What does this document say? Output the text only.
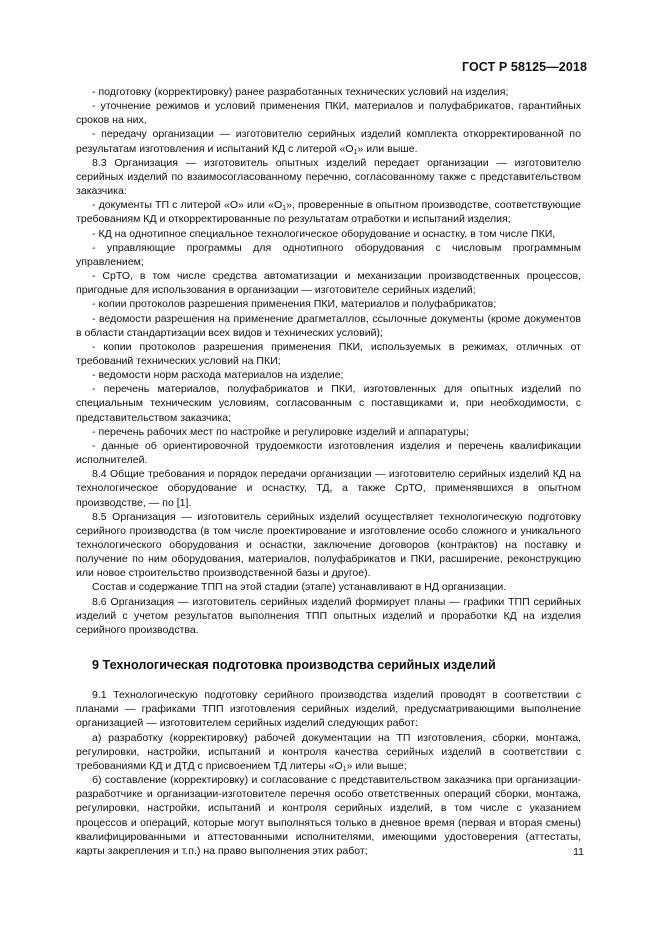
ГОСТ Р 58125—2018

- подготовку (корректировку) ранее разработанных технических условий на изделия;

- уточнение режимов и условий применения ПКИ, материалов и полуфабрикатов, гарантийных сроков на них,

- передачу организации — изготовителю серийных изделий комплекта откорректированной по результатам изготовления и испытаний КД с литерой «$О_1$» или выше.

8.3 Организация — изготовитель опытных изделий передает организации — изготовителю серийных изделий по взаимосогласованному перечню, согласованному также с представительством заказчика:

- документы ТП с литерой «О» или «$О_1$», проверенные в опытном производстве, соответствующие требованиям КД и откорректированные по результатам отработки и испытаний изделия;

- КД на однотипное специальное технологическое оборудование и оснастку, в том числе ПКИ,

- управляющие программы для однотипного оборудования с числовым программным управлением;

- СрТО, в том числе средства автоматизации и механизации производственных процессов, пригодные для использования в организации — изготовителе серийных изделий;

- копии протоколов разрешения применения ПКИ, материалов и полуфабрикатов;

- ведомости разрешения на применение драгметаллов, ссылочные документы (кроме документов в области стандартизации всех видов и технических условий);

- копии протоколов разрешения применения ПКИ, используемых в режимах, отличных от требований технических условий на ПКИ;

- ведомости норм расхода материалов на изделие;

- перечень материалов, полуфабрикатов и ПКИ, изготовленных для опытных изделий по специальным техническим условиям, согласованным с поставщиками и, при необходимости, с представительством заказчика;

- перечень рабочих мест по настройке и регулировке изделий и аппаратуры;

- данные об ориентировочной трудоемкости изготовления изделия и перечень квалификации исполнителей.

8.4 Общие требования и порядок передачи организации — изготовителю серийных изделий КД на технологическое оборудование и оснастку, ТД, а также СрТО, применявшихся в опытном производстве, — по [1].

8.5 Организация — изготовитель серийных изделий осуществляет технологическую подготовку серийного производства (в том числе проектирование и изготовление особо сложного и уникального технологического оборудования и оснастки, заключение договоров (контрактов) на поставку и получение по ним оборудования, материалов, полуфабрикатов и ПКИ, расширение, реконструкцию или новое строительство производственной базы и другое).

Состав и содержание ТПП на этой стадии (этапе) устанавливают в НД организации.

8.6 Организация — изготовитель серийных изделий формирует планы — графики ТПП серийных изделий с учетом результатов выполнения ТПП опытных изделий и проработки КД на изделия серийного производства.

9 Технологическая подготовка производства серийных изделий

9.1 Технологическую подготовку серийного производства изделий проводят в соответствии с планами — графиками ТПП изготовления серийных изделий, предусматривающими выполнение организацией — изготовителем серийных изделий следующих работ:

а) разработку (корректировку) рабочей документации на ТП изготовления, сборки, монтажа, регулировки, настройки, испытаний и контроля качества серийных изделий в соответствии с требованиями КД и ДТД с присвоением ТД литеры «$О_1$» или выше;

б) составление (корректировку) и согласование с представительством заказчика при организации-разработчике и организации-изготовителе перечня особо ответственных операций сборки, монтажа, регулировки, настройки, испытаний и контроля серийных изделий, в том числе с указанием процессов и операций, которые могут выполняться только в дневное время (первая и вторая смены) квалифицированными и аттестованными исполнителями, имеющими удостоверения (аттестаты, карты закрепления и т.п.) на право выполнения этих работ;	11
